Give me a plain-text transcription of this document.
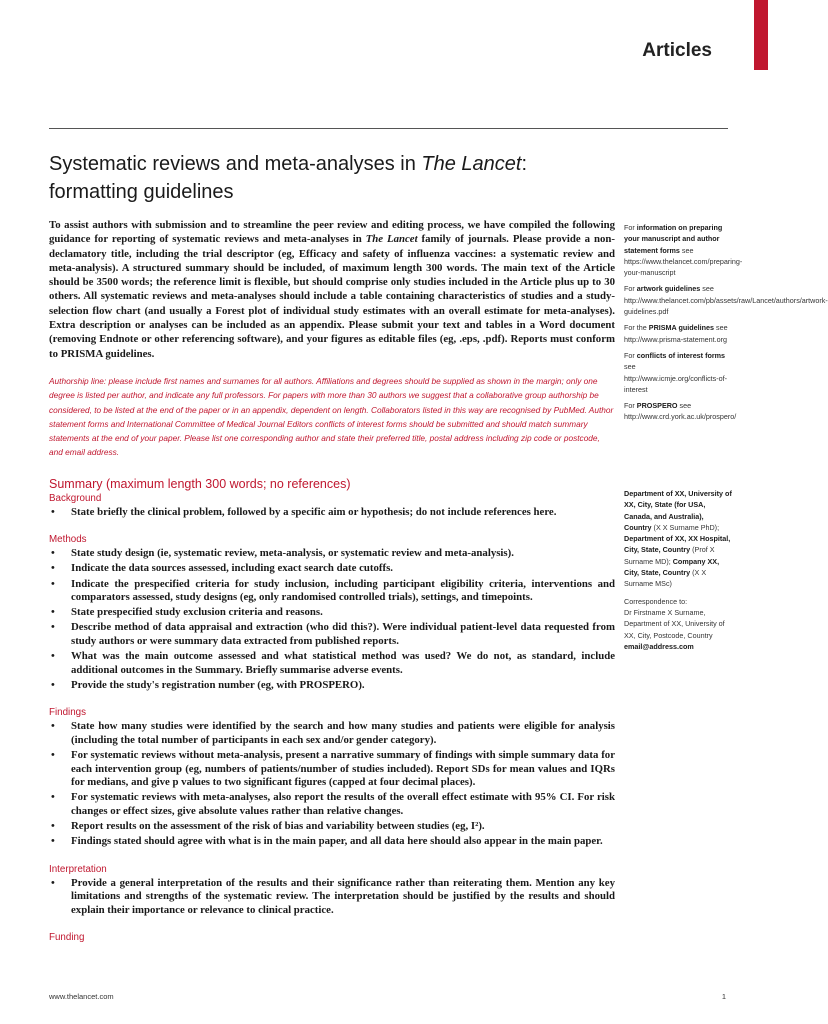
Articles
Systematic reviews and meta-analyses in The Lancet: formatting guidelines

To assist authors with submission and to streamline the peer review and editing process, we have compiled the following guidance for reporting of systematic reviews and meta-analyses in The Lancet family of journals. Please provide a non-declamatory title, including the trial descriptor (eg, Efficacy and safety of influenza vaccines: a systematic review and meta-analysis). A structured summary should be included, of maximum length 300 words. The main text of the Article should be 3500 words; the reference limit is flexible, but should comprise only studies included in the Article plus up to 30 others. All systematic reviews and meta-analyses should include a table containing characteristics of studies and a study-selection flow chart (and usually a Forest plot of individual study estimates with an overall estimate for meta-analyses). Extra description or analyses can be included as an appendix. Please submit your text and tables in a Word document (removing Endnote or other referencing software), and your figures as editable files (eg, .eps, .pdf). Reports must conform to PRISMA guidelines.

Authorship line: please include first names and surnames for all authors. Affiliations and degrees should be supplied as shown in the margin; only one degree is listed per author, and indicate any full professors. For papers with more than 30 authors we suggest that a collaborative group authorship be considered, to be listed at the end of the paper or in an appendix, dependent on length. Collaborators listed in this way are recognised by PubMed. Author statement forms and International Committee of Medical Journal Editors conflicts of interest forms should be submitted and should match summary statements at the end of your paper. Please list one corresponding author and state their preferred title, postal address including zip code or postcode, and email address.

Summary (maximum length 300 words; no references)
Background
• State briefly the clinical problem, followed by a specific aim or hypothesis; do not include references here.
Methods
• State study design (ie, systematic review, meta-analysis, or systematic review and meta-analysis).
• Indicate the data sources assessed, including exact search date cutoffs.
• Indicate the prespecified criteria for study inclusion, including participant eligibility criteria, interventions and comparators assessed, study designs (eg, only randomised controlled trials), settings, and timepoints.
• State prespecified study exclusion criteria and reasons.
• Describe method of data appraisal and extraction (who did this?). Were individual patient-level data requested from study authors or were summary data extracted from published reports.
• What was the main outcome assessed and what statistical method was used? We do not, as standard, include additional outcomes in the Summary. Briefly summarise adverse events.
• Provide the study's registration number (eg, with PROSPERO).
Findings
• State how many studies were identified by the search and how many studies and patients were eligible for analysis (including the total number of participants in each sex and/or gender category).
• For systematic reviews without meta-analysis, present a narrative summary of findings with simple summary data for each intervention group (eg, numbers of patients/number of studies included). Report SDs for mean values and IQRs for medians, and give p values to two significant figures (capped at four decimal places).
• For systematic reviews with meta-analyses, also report the results of the overall effect estimate with 95% CI. For risk changes or effect sizes, give absolute values rather than relative changes.
• Report results on the assessment of the risk of bias and variability between studies (eg, I²).
• Findings stated should agree with what is in the main paper, and all data here should also appear in the main paper.
Interpretation
• Provide a general interpretation of the results and their significance rather than reiterating them. Mention any key limitations and strengths of the systematic review. The interpretation should be justified by the results and should explain their importance or relevance to clinical practice.
Funding

For information on preparing your manuscript and author statement forms see https://www.thelancet.com/preparing-your-manuscript

For artwork guidelines see http://www.thelancet.com/pb/assets/raw/Lancet/authors/artwork-guidelines.pdf

For the PRISMA guidelines see http://www.prisma-statement.org

For conflicts of interest forms see http://www.icmje.org/conflicts-of-interest

For PROSPERO see http://www.crd.york.ac.uk/prospero/

Department of XX, University of XX, City, State (for USA, Canada, and Australia), Country (X X Surname PhD); Department of XX, XX Hospital, City, State, Country (Prof X Surname MD); Company XX, City, State, Country (X X Surname MSc)
Correspondence to:
Dr Firstname X Surname,
Department of XX, University of XX, City, Postcode, Country
email@address.com
www.thelancet.com	1
